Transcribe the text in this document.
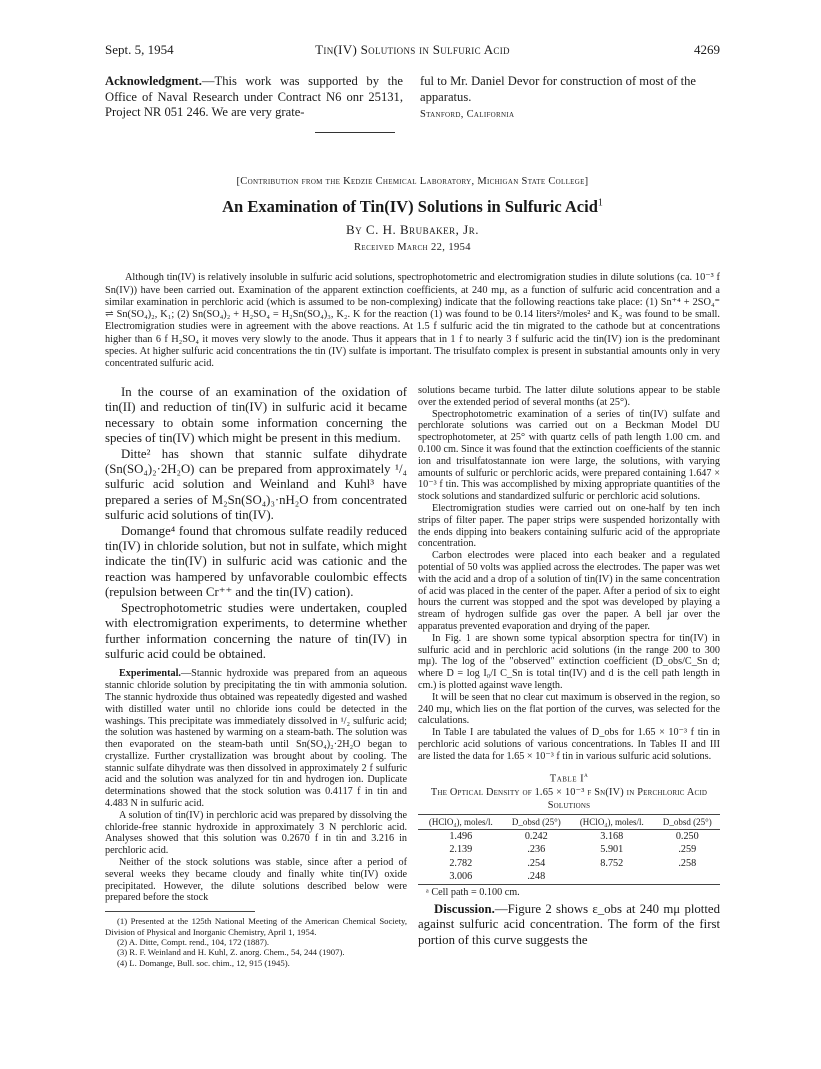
Sept. 5, 1954	Tin(IV) Solutions in Sulfuric Acid	4269
Acknowledgment.—This work was supported by the Office of Naval Research under Contract N6 onr 25131, Project NR 051 246. We are very grate-
ful to Mr. Daniel Devor for construction of most of the apparatus.
Stanford, California
[Contribution from the Kedzie Chemical Laboratory, Michigan State College]
An Examination of Tin(IV) Solutions in Sulfuric Acid$^1$
By C. H. Brubaker, Jr.
Received March 22, 1954

Although tin(IV) is relatively insoluble in sulfuric acid solutions, spectrophotometric and electromigration studies in dilute solutions (ca. 10⁻³ f Sn(IV)) have been carried out. Examination of the apparent extinction coefficients, at 240 mμ, as a function of sulfuric acid concentration and a similar examination in perchloric acid (which is assumed to be non-complexing) indicate that the following reactions take place: (1) Sn⁺⁴ + 2SO₄⁼ ⇌ Sn(SO₄)₂, K₁; (2) Sn(SO₄)₂ + H₂SO₄ = H₂Sn(SO₄)₃, K₂. K for the reaction (1) was found to be 0.14 liters²/moles² and K₂ was found to be small. Electromigration studies were in agreement with the above reactions. At 1.5 f sulfuric acid the tin migrated to the cathode but at concentrations higher than 6 f H₂SO₄ it moves very slowly to the anode. Thus it appears that in 1 f to nearly 3 f sulfuric acid the tin(IV) ion is the predominant species. At higher sulfuric acid concentrations the tin (IV) sulfate is important. The trisulfato complex is present in substantial amounts only in very concentrated sulfuric acid.

In the course of an examination of the oxidation of tin(II) and reduction of tin(IV) in sulfuric acid it became necessary to obtain some information concerning the species of tin(IV) which might be present in this medium.

Ditte² has shown that stannic sulfate dihydrate (Sn(SO₄)₂·2H₂O) can be prepared from approximately ¹/₄ sulfuric acid solution and Weinland and Kuhl³ have prepared a series of M₂Sn(SO₄)₃·nH₂O from concentrated sulfuric acid solutions of tin(IV).

Domange⁴ found that chromous sulfate readily reduced tin(IV) in chloride solution, but not in sulfate, which might indicate the tin(IV) in sulfuric acid was cationic and the reaction was hampered by unfavorable coulombic effects (repulsion between Cr⁺⁺ and the tin(IV) cation).

Spectrophotometric studies were undertaken, coupled with electromigration experiments, to determine whether further information concerning the nature of tin(IV) in sulfuric acid could be obtained.

Experimental.—Stannic hydroxide was prepared from an aqueous stannic chloride solution by precipitating the tin with ammonia solution. The stannic hydroxide thus obtained was repeatedly digested and washed with distilled water until no chloride ions could be detected in the washings. This precipitate was immediately dissolved in ¹/₂ sulfuric acid; the solution was hastened by warming on a steam-bath. The solution was then evaporated on the steam-bath until Sn(SO₄)₂·2H₂O began to crystallize. Further crystallization was brought about by cooling. The stannic sulfate dihydrate was then dissolved in approximately 2 f sulfuric acid and the solution was analyzed for tin and hydrogen ion. Duplicate determinations showed that the stock solution was 0.4117 f in tin and 4.483 N in sulfuric acid.

A solution of tin(IV) in perchloric acid was prepared by dissolving the chloride-free stannic hydroxide in approximately 3 N perchloric acid. Analyses showed that this solution was 0.2670 f in tin and 3.216 in perchloric acid.

Neither of the stock solutions was stable, since after a period of several weeks they became cloudy and finally white tin(IV) oxide precipitated. However, the dilute solutions described below were prepared before the stock

(1) Presented at the 125th National Meeting of the American Chemical Society, Division of Physical and Inorganic Chemistry, April 1, 1954.

(2) A. Ditte, Compt. rend., 104, 172 (1887).

(3) R. F. Weinland and H. Kuhl, Z. anorg. Chem., 54, 244 (1907).

(4) L. Domange, Bull. soc. chim., 12, 915 (1945).

solutions became turbid. The latter dilute solutions appear to be stable over the extended period of several months (at 25°).

Spectrophotometric examination of a series of tin(IV) sulfate and perchlorate solutions was carried out on a Beckman Model DU spectrophotometer, at 25° with quartz cells of path length 1.00 cm. and 0.100 cm. Since it was found that the extinction coefficients of the stannic ion and trisulfatostannate ion were large, the solutions, with varying amounts of sulfuric or perchloric acids, were prepared containing 1.647 × 10⁻³ f tin. This was accomplished by mixing appropriate quantities of the stock solutions and standardized sulfuric or perchloric acid solutions.

Electromigration studies were carried out on one-half by ten inch strips of filter paper. The paper strips were suspended horizontally with the ends dipping into beakers containing sulfuric acid of the appropriate concentration.

Carbon electrodes were placed into each beaker and a regulated potential of 50 volts was applied across the electrodes. The paper was wet with the acid and a drop of a solution of tin(IV) in the same concentration of acid was placed in the center of the paper. After a period of six to eight hours the current was stopped and the spot was developed by playing a stream of hydrogen sulfide gas over the paper. A bell jar over the apparatus prevented evaporation and drying of the paper.

In Fig. 1 are shown some typical absorption spectra for tin(IV) in sulfuric acid and in perchloric acid solutions (in the range 200 to 300 mμ). The log of the "observed" extinction coefficient (D_obs/C_Sn d; where D = log I₀/I C_Sn is total tin(IV) and d is the cell path length in cm.) is plotted against wave length.

It will be seen that no clear cut maximum is observed in the region, so 240 mμ, which lies on the flat portion of the curves, was selected for the calculations.

In Table I are tabulated the values of D_obs for 1.65 × 10⁻³ f tin in perchloric acid solutions of various concentrations. In Tables II and III are listed the data for 1.65 × 10⁻³ f tin in various sulfuric acid solutions.

Table $I^a$
The Optical Density of 1.65 × 10⁻³ f Sn(IV) in Perchloric Acid Solutions
(HClO₄), moles/l.	D_obsd (25°)	(HClO₄), moles/l.	D_obsd (25°)
1.496	0.242	3.168	0.250
2.139	.236	5.901	.259
2.782	.254	8.752	.258
3.006	.248		
ᵃ Cell path = 0.100 cm.

Discussion.—Figure 2 shows ε_obs at 240 mμ plotted against sulfuric acid concentration. The form of the first portion of this curve suggests the
